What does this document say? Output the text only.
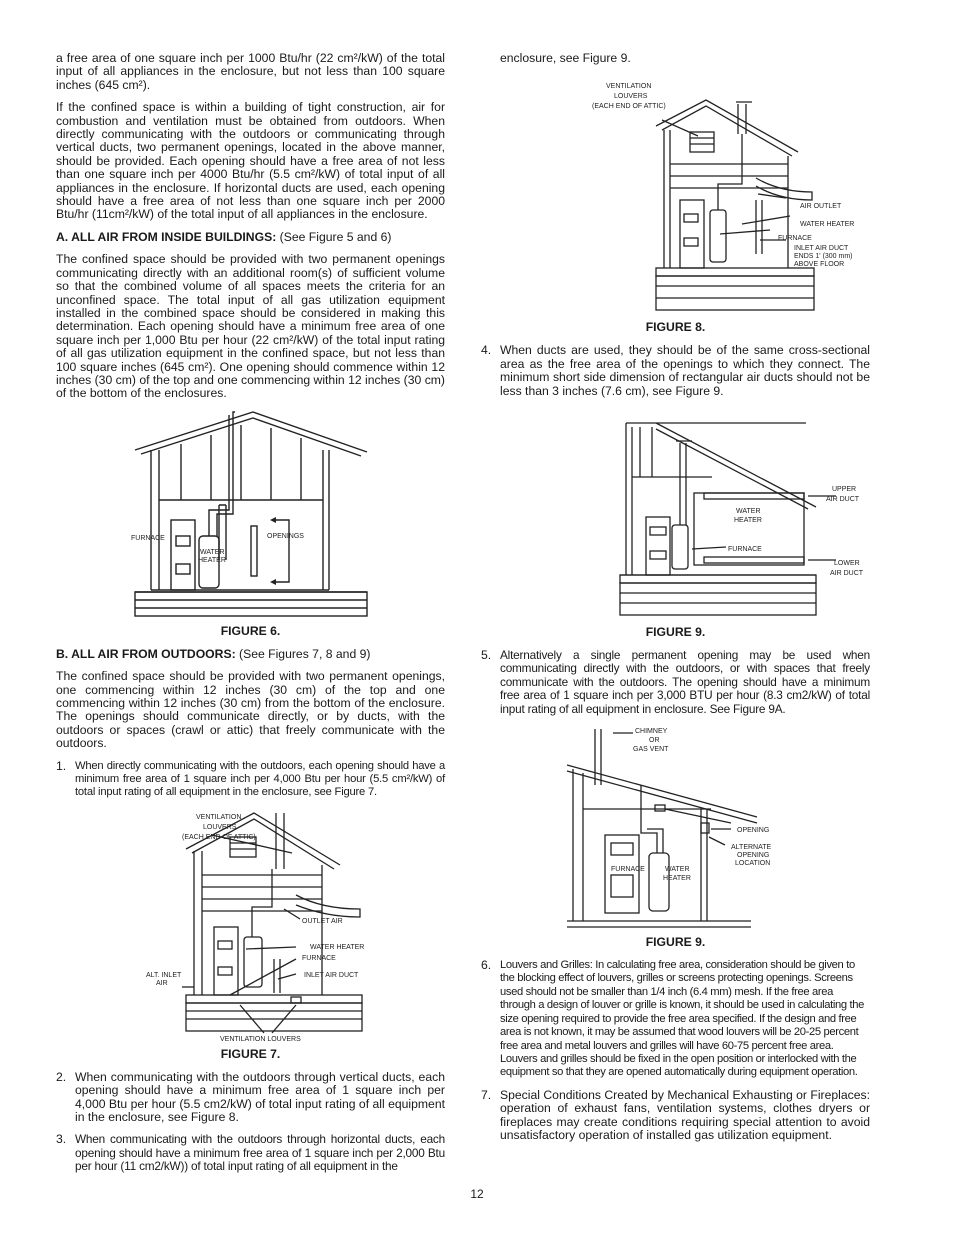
a free area of one square inch per 1000 Btu/hr (22 cm²/kW) of the total input of all appliances in the enclosure, but not less than 100 square inches (645 cm²).

If the confined space is within a building of tight construction, air for combustion and ventilation must be obtained from outdoors. When directly communicating with the outdoors or communicating through vertical ducts, two permanent openings, located in the above manner, should be provided. Each opening should have a free area of not less than one square inch per 4000 Btu/hr (5.5 cm²/kW) of total input of all appliances in the enclosure. If horizontal ducts are used, each opening should have a free area of not less than one square inch per 2000 Btu/hr (11cm²/kW) of the total input of all appliances in the enclosure.

A. ALL AIR FROM INSIDE BUILDINGS: (See Figure 5 and 6)

The confined space should be provided with two permanent openings communicating directly with an additional room(s) of sufficient volume so that the combined volume of all spaces meets the criteria for an unconfined space. The total input of all gas utilization equipment installed in the combined space should be considered in making this determination. Each opening should have a minimum free area of one square inch per 1,000 Btu per hour (22 cm²/kW) of the total input rating of all gas utilization equipment in the confined space, but not less than 100 square inches (645 cm²). One opening should commence within 12 inches (30 cm) of the top and one commencing within 12 inches (30 cm) of the bottom of the enclosures.

FURNACE
WATER
HEATER
OPENINGS
FIGURE 6.

B. ALL AIR FROM OUTDOORS: (See Figures 7, 8 and 9)

The confined space should be provided with two permanent openings, one commencing within 12 inches (30 cm) of the top and one commencing within 12 inches (30 cm) from the bottom of the enclosure. The openings should communicate directly, or by ducts, with the outdoors or spaces (crawl or attic) that freely communicate with the outdoors.

1. When directly communicating with the outdoors, each opening should have a minimum free area of 1 square inch per 4,000 Btu per hour (5.5 cm²/kW) of total input rating of all equipment in the enclosure, see Figure 7.

VENTILATION
LOUVERS
(EACH END OF ATTIC)
OUTLET AIR
WATER HEATER
FURNACE
ALT. INLET
AIR
INLET AIR DUCT
VENTILATION LOUVERS
FIGURE 7.
2. When communicating with the outdoors through vertical ducts, each opening should have a minimum free area of 1 square inch per 4,000 Btu per hour (5.5 cm2/kW) of total input rating of all equipment in the enclosure, see Figure 8.

3. When communicating with the outdoors through horizontal ducts, each opening should have a minimum free area of 1 square inch per 2,000 Btu per hour (11 cm2/kW)) of total input rating of all equipment in the

enclosure, see Figure 9.

VENTILATION
LOUVERS
(EACH END OF ATTIC)
AIR OUTLET
WATER HEATER
FURNACE
INLET AIR DUCT
ENDS 1' (300 mm)
ABOVE FLOOR
FIGURE 8.
4. When ducts are used, they should be of the same cross-sectional area as the free area of the openings to which they connect. The minimum short side dimension of rectangular air ducts should not be less than 3 inches (7.6 cm), see Figure 9.

UPPER
AIR DUCT
WATER
HEATER
FURNACE
LOWER
AIR DUCT
FIGURE 9.
5. Alternatively a single permanent opening may be used when communicating directly with the outdoors, or with spaces that freely communicate with the outdoors. The opening should have a minimum free area of 1 square inch per 3,000 BTU per hour (8.3 cm2/kW) of total input rating of all equipment in enclosure. See Figure 9A.

CHIMNEY
OR
GAS VENT
OPENING
ALTERNATE
OPENING
LOCATION
FURNACE	WATER
HEATER
FIGURE 9.
6. Louvers and Grilles: In calculating free area, consideration should be given to the blocking effect of louvers, grilles or screens protecting openings. Screens used should not be smaller than 1/4 inch (6.4 mm) mesh. If the free area through a design of louver or grille is known, it should be used in calculating the size opening required to provide the free area specified. If the design and free area is not known, it may be assumed that wood louvers will be 20-25 percent free area and metal louvers and grilles will have 60-75 percent free area. Louvers and grilles should be fixed in the open position or interlocked with the equipment so that they are opened automatically during equipment operation.

7. Special Conditions Created by Mechanical Exhausting or Fireplaces: operation of exhaust fans, ventilation systems, clothes dryers or fireplaces may create conditions requiring special attention to avoid unsatisfactory operation of installed gas utilization equipment.

12
